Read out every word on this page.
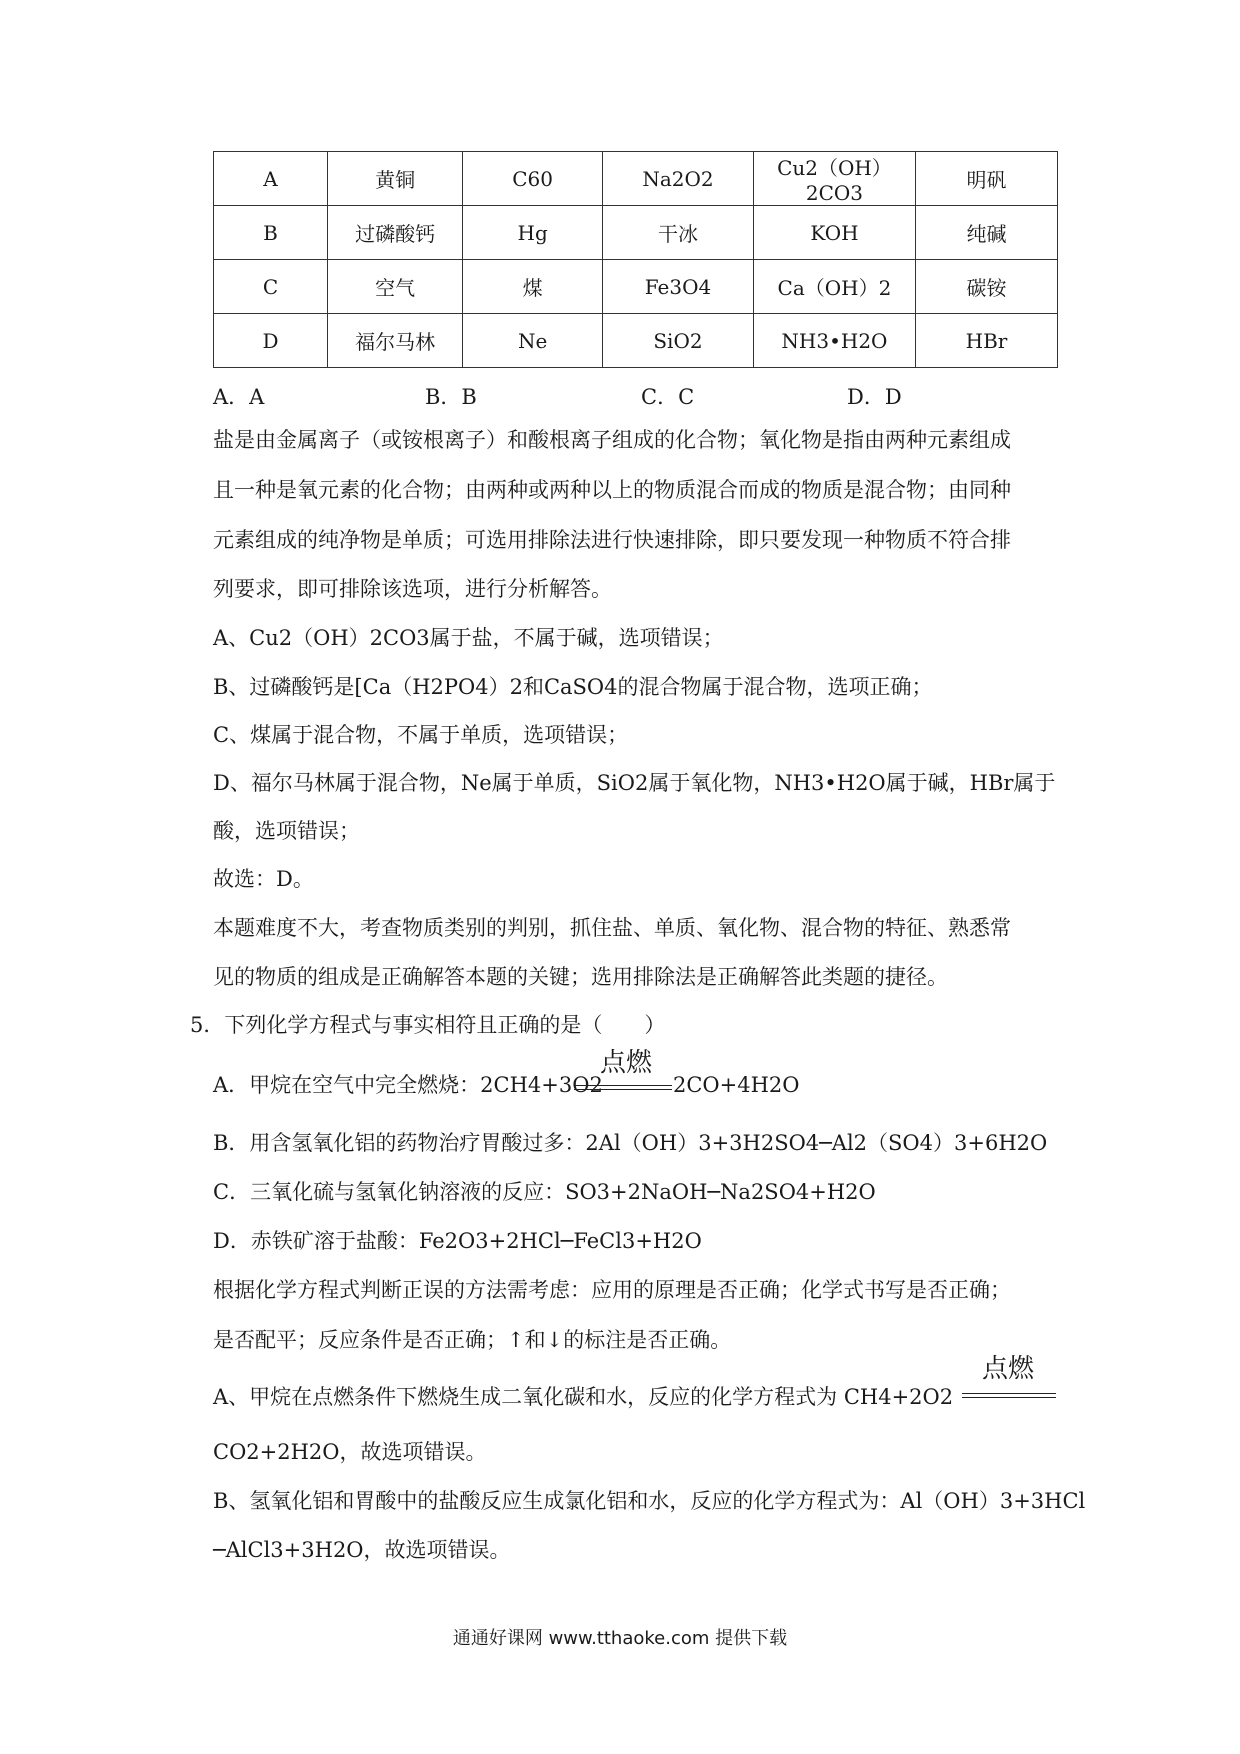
A	黄铜	C60	Na2O2	Cu2（OH）2CO3	明矾
B	过磷酸钙	Hg	干冰	KOH	纯碱
C	空气	煤	Fe3O4	Ca（OH）2	碳铵
D	福尔马林	Ne	SiO2	NH3•H2O	HBr
A．A	B．B	C．C	D．D
盐是由金属离子（或铵根离子）和酸根离子组成的化合物；氧化物是指由两种元素组成
且一种是氧元素的化合物；由两种或两种以上的物质混合而成的物质是混合物；由同种
元素组成的纯净物是单质；可选用排除法进行快速排除，即只要发现一种物质不符合排
列要求，即可排除该选项，进行分析解答。
A、Cu2（OH）2CO3属于盐，不属于碱，选项错误；
B、过磷酸钙是[Ca（H2PO4）2和CaSO4的混合物属于混合物，选项正确；
C、煤属于混合物，不属于单质，选项错误；
D、福尔马林属于混合物，Ne属于单质，SiO2属于氧化物，NH3•H2O属于碱，HBr属于
酸，选项错误；
故选：D。
本题难度不大，考查物质类别的判别，抓住盐、单质、氧化物、混合物的特征、熟悉常
见的物质的组成是正确解答本题的关键；选用排除法是正确解答此类题的捷径。
5．下列化学方程式与事实相符且正确的是（　　）
A．甲烷在空气中完全燃烧：2CH4+3O2
点燃
2CO+4H2O
B．用含氢氧化铝的药物治疗胃酸过多：2Al（OH）3+3H2SO4─Al2（SO4）3+6H2O
C．三氧化硫与氢氧化钠溶液的反应：SO3+2NaOH─Na2SO4+H2O
D．赤铁矿溶于盐酸：Fe2O3+2HCl─FeCl3+H2O
根据化学方程式判断正误的方法需考虑：应用的原理是否正确；化学式书写是否正确；
是否配平；反应条件是否正确；↑和↓的标注是否正确。
A、甲烷在点燃条件下燃烧生成二氧化碳和水，反应的化学方程式为 CH4+2O2
点燃
CO2+2H2O，故选项错误。
B、氢氧化铝和胃酸中的盐酸反应生成氯化铝和水，反应的化学方程式为：Al（OH）3+3HCl
─AlCl3+3H2O，故选项错误。
通通好课网 www.tthaoke.com 提供下载
